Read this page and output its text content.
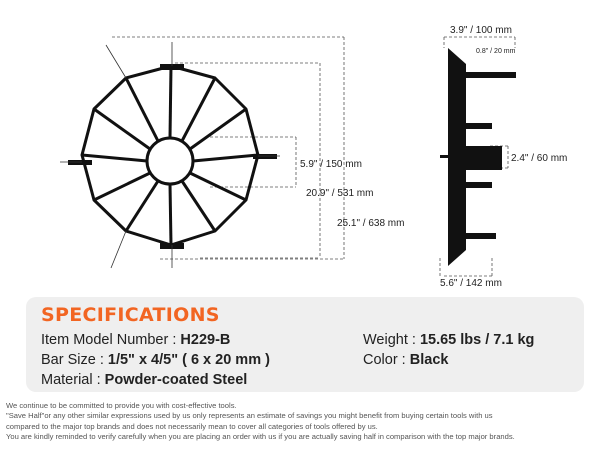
5.9" / 150 mm
20.9" / 531 mm
25.1" / 638 mm
3.9" / 100 mm
0.8" / 20 mm
2.4" / 60 mm
5.6" / 142 mm
SPECIFICATIONS
Item Model Number : H229-B
Bar Size : 1/5" x 4/5" ( 6 x 20 mm )
Material : Powder-coated Steel
Weight : 15.65 lbs / 7.1 kg
Color : Black
We continue to be committed to provide you with cost-effective tools.
"Save Half"or any other similar expressions used by us only represents an estimate of savings you might benefit from buying certain tools with us
compared to the major top brands and does not necessarily mean to cover all categories of tools offered by us.
You are kindly reminded to verify carefully when you are placing an order with us if you are actually saving half in comparison with the top major brands.
